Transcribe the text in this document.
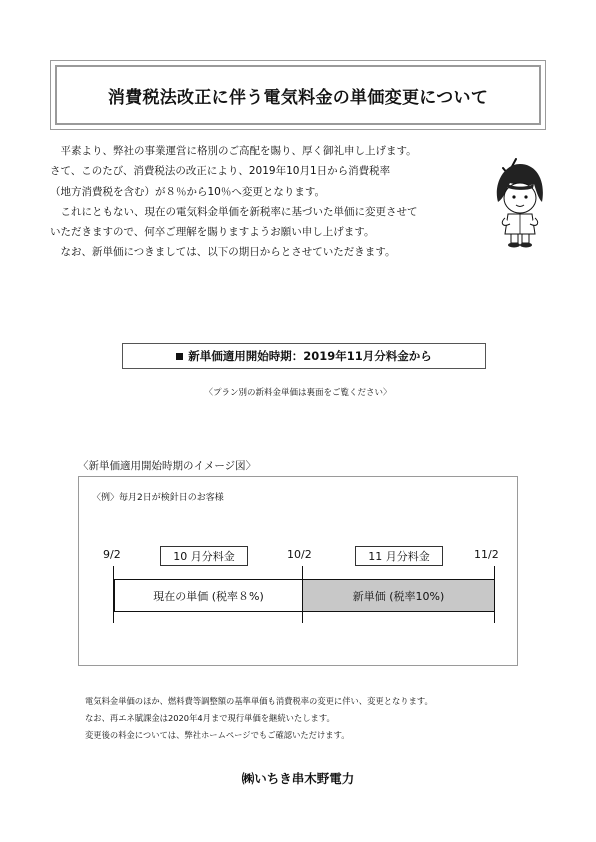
消費税法改正に伴う電気料金の単価変更について

　平素より、弊社の事業運営に格別のご高配を賜り、厚く御礼申し上げます。

さて、このたび、消費税法の改正により、2019年10月1日から消費税率

（地方消費税を含む）が８％から10％へ変更となります。

　これにともない、現在の電気料金単価を新税率に基づいた単価に変更させて

いただきますので、何卒ご理解を賜りますようお願い申し上げます。

　なお、新単価につきましては、以下の期日からとさせていただきます。

新単価適用開始時期：2019年11月分料金から
〈プラン別の新料金単価は裏面をご覧ください〉
〈新単価適用開始時期のイメージ図〉
〈例〉毎月2日が検針日のお客様
9/2	10/2	11/2
10 月分料金	11 月分料金
現在の単価 (税率８%)	新単価 (税率10%)

電気料金単価のほか、燃料費等調整額の基準単価も消費税率の変更に伴い、変更となります。

なお、再エネ賦課金は2020年4月まで現行単価を継続いたします。

変更後の料金については、弊社ホームページでもご確認いただけます。

㈱いちき串木野電力
